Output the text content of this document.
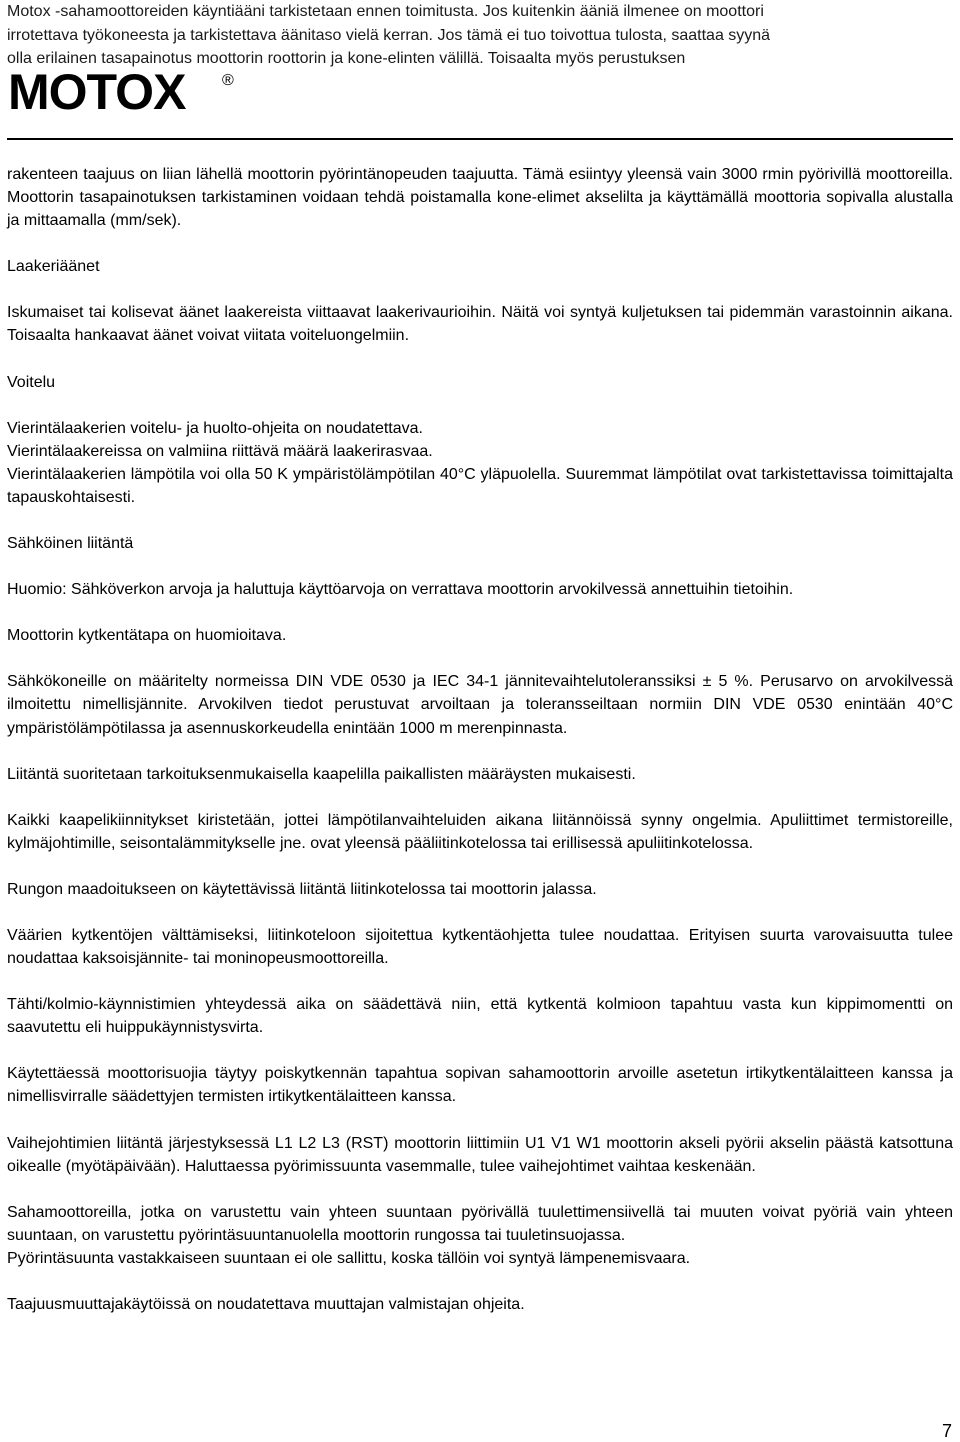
Motox -sahamoottoreiden käyntiääni tarkistetaan ennen toimitusta. Jos kuitenkin ääniä ilmenee on moottori

irrotettava työkoneesta ja tarkistettava äänitaso vielä kerran. Jos tämä ei tuo toivottua tulosta, saattaa syynä

olla erilainen tasapainotus moottorin roottorin ja kone-elinten välillä. Toisaalta myös perustuksen

MOTOX	®

rakenteen taajuus on liian lähellä moottorin pyörintänopeuden taajuutta. Tämä esiintyy yleensä vain 3000 rmin pyörivillä moottoreilla. Moottorin tasapainotuksen tarkistaminen voidaan tehdä poistamalla kone-elimet akselilta ja käyttämällä moottoria sopivalla alustalla ja mittaamalla (mm/sek).

Laakeriäänet

Iskumaiset tai kolisevat äänet laakereista viittaavat laakerivaurioihin. Näitä voi syntyä kuljetuksen tai pidemmän varastoinnin aikana. Toisaalta hankaavat äänet voivat viitata voiteluongelmiin.

Voitelu

Vierintälaakerien voitelu- ja huolto-ohjeita on noudatettava.

Vierintälaakereissa on valmiina riittävä määrä laakerirasvaa.

Vierintälaakerien lämpötila voi olla 50 K ympäristölämpötilan 40°C yläpuolella. Suuremmat lämpötilat ovat tarkistettavissa toimittajalta tapauskohtaisesti.

Sähköinen liitäntä

Huomio: Sähköverkon arvoja ja haluttuja käyttöarvoja on verrattava moottorin arvokilvessä annettuihin tietoihin.

Moottorin kytkentätapa on huomioitava.

Sähkökoneille on määritelty normeissa DIN VDE 0530 ja IEC 34-1 jännitevaihtelutoleranssiksi ± 5 %. Perusarvo on arvokilvessä ilmoitettu nimellisjännite. Arvokilven tiedot perustuvat arvoiltaan ja toleransseiltaan normiin DIN VDE 0530 enintään 40°C ympäristölämpötilassa ja asennuskorkeudella enintään 1000 m merenpinnasta.

Liitäntä suoritetaan tarkoituksenmukaisella kaapelilla paikallisten määräysten mukaisesti.

Kaikki kaapelikiinnitykset kiristetään, jottei lämpötilanvaihteluiden aikana liitännöissä synny ongelmia. Apuliittimet termistoreille, kylmäjohtimille, seisontalämmitykselle jne. ovat yleensä pääliitinkotelossa tai erillisessä apuliitinkotelossa.

Rungon maadoitukseen on käytettävissä liitäntä liitinkotelossa tai moottorin jalassa.

Väärien kytkentöjen välttämiseksi, liitinkoteloon sijoitettua kytkentäohjetta tulee noudattaa. Erityisen suurta varovaisuutta tulee noudattaa kaksoisjännite- tai moninopeusmoottoreilla.

Tähti/kolmio-käynnistimien yhteydessä aika on säädettävä niin, että kytkentä kolmioon tapahtuu vasta kun kippimomentti on saavutettu eli huippukäynnistysvirta.

Käytettäessä moottorisuojia täytyy poiskytkennän tapahtua sopivan sahamoottorin arvoille asetetun irtikytkentälaitteen kanssa ja nimellisvirralle säädettyjen termisten irtikytkentälaitteen kanssa.

Vaihejohtimien liitäntä järjestyksessä L1 L2 L3 (RST) moottorin liittimiin U1 V1 W1 moottorin akseli pyörii akselin päästä katsottuna oikealle (myötäpäivään). Haluttaessa pyörimissuunta vasemmalle, tulee vaihejohtimet vaihtaa keskenään.

Sahamoottoreilla, jotka on varustettu vain yhteen suuntaan pyörivällä tuulettimensiivellä tai muuten voivat pyöriä vain yhteen suuntaan, on varustettu pyörintäsuuntanuolella moottorin rungossa tai tuuletinsuojassa.

Pyörintäsuunta vastakkaiseen suuntaan ei ole sallittu, koska tällöin voi syntyä lämpenemisvaara.

Taajuusmuuttajakäytöissä on noudatettava muuttajan valmistajan ohjeita.

7
